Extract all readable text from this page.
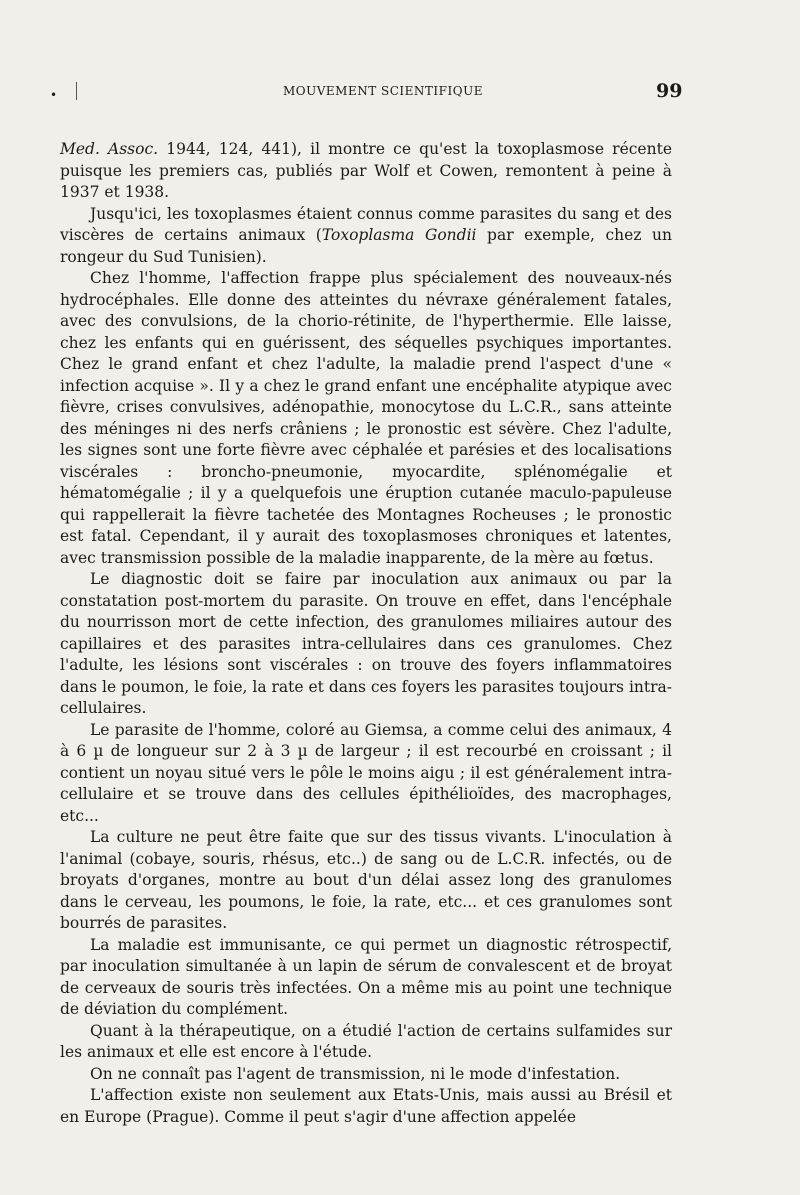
•	MOUVEMENT SCIENTIFIQUE	99

Med. Assoc. 1944, 124, 441), il montre ce qu'est la toxoplasmose récente puisque les premiers cas, publiés par Wolf et Cowen, remontent à peine à 1937 et 1938.

Jusqu'ici, les toxoplasmes étaient connus comme parasites du sang et des viscères de certains animaux (Toxoplasma Gondii par exemple, chez un rongeur du Sud Tunisien).

Chez l'homme, l'affection frappe plus spécialement des nouveaux-nés hydrocéphales. Elle donne des atteintes du névraxe généralement fatales, avec des convulsions, de la chorio-rétinite, de l'hyperthermie. Elle laisse, chez les enfants qui en guérissent, des séquelles psychiques importantes. Chez le grand enfant et chez l'adulte, la maladie prend l'aspect d'une « infection acquise ». Il y a chez le grand enfant une encéphalite atypique avec fièvre, crises convulsives, adénopathie, monocytose du L.C.R., sans atteinte des méninges ni des nerfs crâniens ; le pronostic est sévère. Chez l'adulte, les signes sont une forte fièvre avec céphalée et parésies et des localisations viscérales : broncho-pneumonie, myocardite, splénomégalie et hématomégalie ; il y a quelquefois une éruption cutanée maculo-papuleuse qui rappellerait la fièvre tachetée des Montagnes Rocheuses ; le pronostic est fatal. Cependant, il y aurait des toxoplasmoses chroniques et latentes, avec transmission possible de la maladie inapparente, de la mère au fœtus.

Le diagnostic doit se faire par inoculation aux animaux ou par la constatation post-mortem du parasite. On trouve en effet, dans l'encéphale du nourrisson mort de cette infection, des granulomes miliaires autour des capillaires et des parasites intra-cellulaires dans ces granulomes. Chez l'adulte, les lésions sont viscérales : on trouve des foyers inflammatoires dans le poumon, le foie, la rate et dans ces foyers les parasites toujours intra-cellulaires.

Le parasite de l'homme, coloré au Giemsa, a comme celui des animaux, 4 à 6 µ de longueur sur 2 à 3 µ de largeur ; il est recourbé en croissant ; il contient un noyau situé vers le pôle le moins aigu ; il est généralement intra-cellulaire et se trouve dans des cellules épithélioïdes, des macrophages, etc...

La culture ne peut être faite que sur des tissus vivants. L'inoculation à l'animal (cobaye, souris, rhésus, etc..) de sang ou de L.C.R. infectés, ou de broyats d'organes, montre au bout d'un délai assez long des granulomes dans le cerveau, les poumons, le foie, la rate, etc... et ces granulomes sont bourrés de parasites.

La maladie est immunisante, ce qui permet un diagnostic rétrospectif, par inoculation simultanée à un lapin de sérum de convalescent et de broyat de cerveaux de souris très infectées. On a même mis au point une technique de déviation du complément.

Quant à la thérapeutique, on a étudié l'action de certains sulfamides sur les animaux et elle est encore à l'étude.

On ne connaît pas l'agent de transmission, ni le mode d'infestation.

L'affection existe non seulement aux Etats-Unis, mais aussi au Brésil et en Europe (Prague). Comme il peut s'agir d'une affection appelée
